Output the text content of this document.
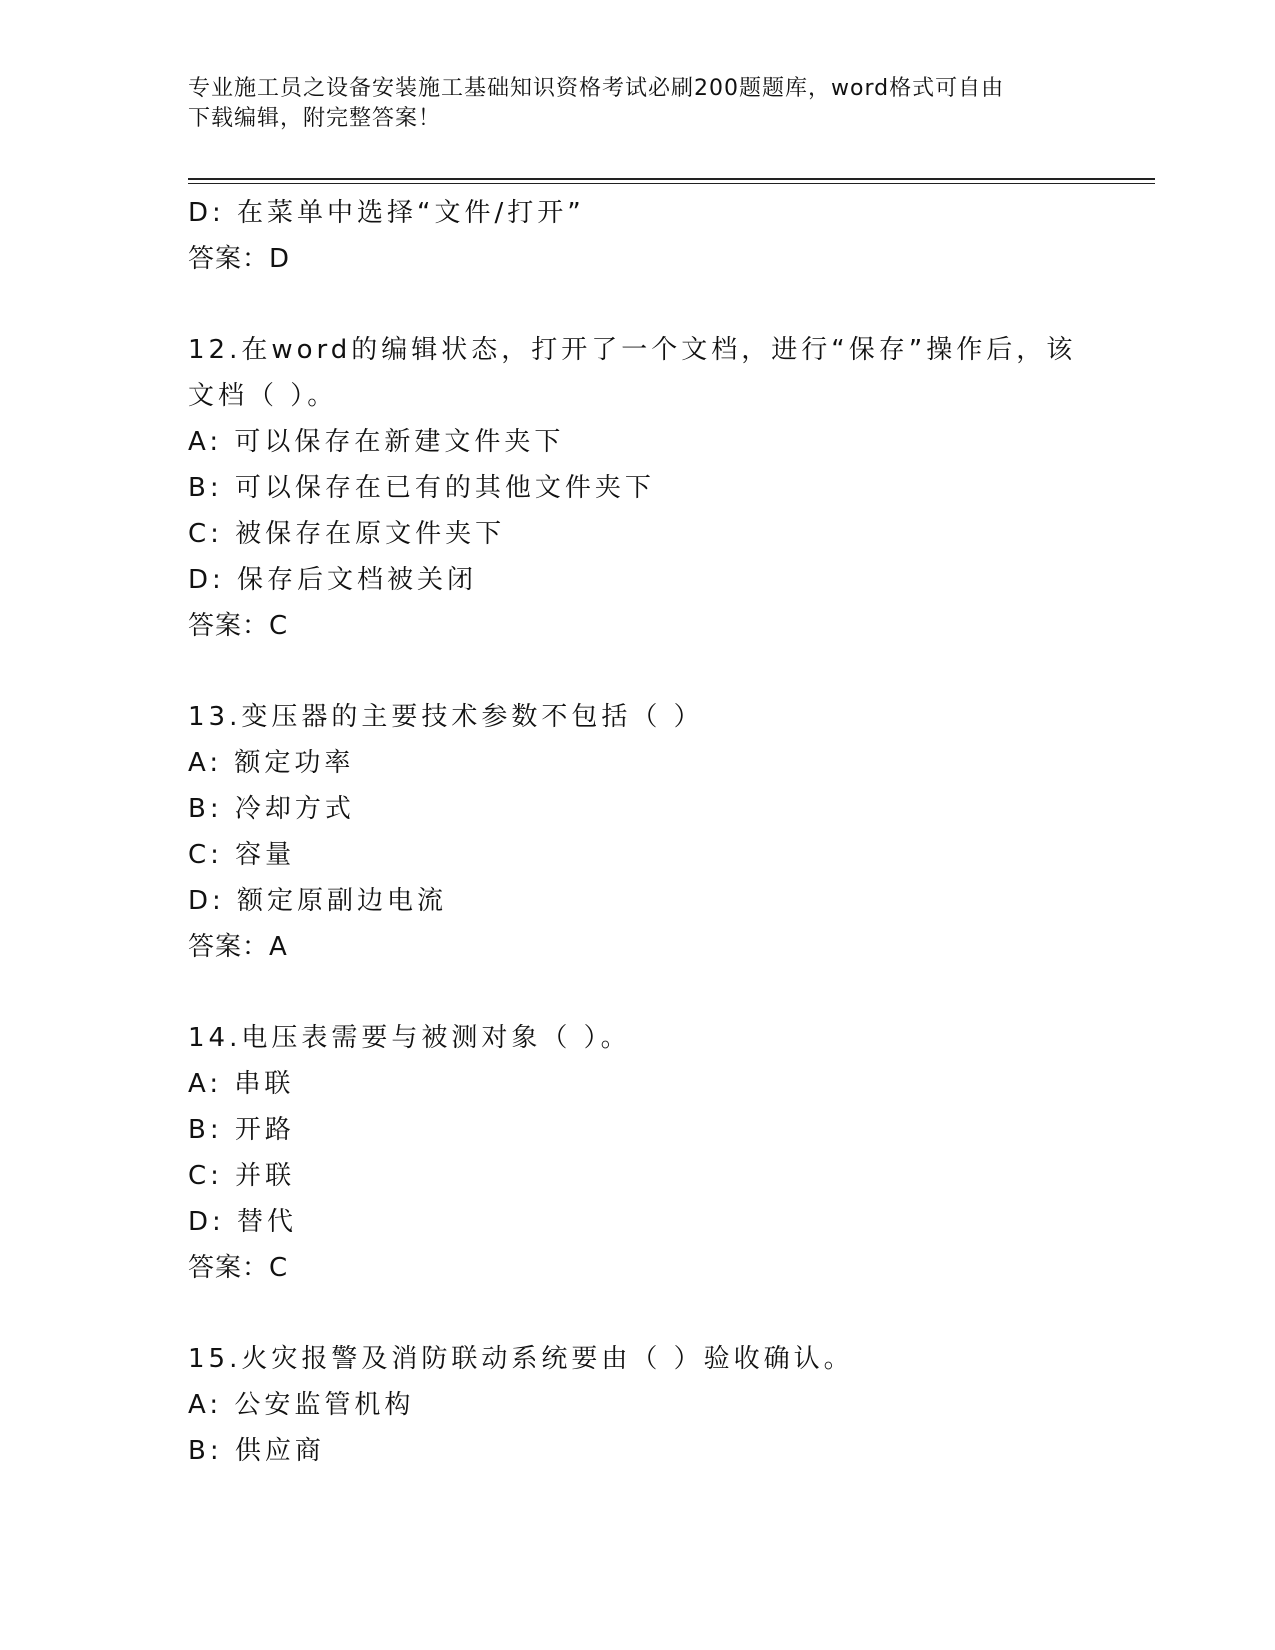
专业施工员之设备安装施工基础知识资格考试必刷200题题库，word格式可自由
下载编辑，附完整答案！
D: 在菜单中选择“文件/打开”
答案：D
12.在word的编辑状态，打开了一个文档，进行“保存”操作后，该
文档（ ）。
A: 可以保存在新建文件夹下
B: 可以保存在已有的其他文件夹下
C: 被保存在原文件夹下
D: 保存后文档被关闭
答案：C
13.变压器的主要技术参数不包括（ ）
A: 额定功率
B: 冷却方式
C: 容量
D: 额定原副边电流
答案：A
14.电压表需要与被测对象（ ）。
A: 串联
B: 开路
C: 并联
D: 替代
答案：C
15.火灾报警及消防联动系统要由（ ）验收确认。
A: 公安监管机构
B: 供应商
